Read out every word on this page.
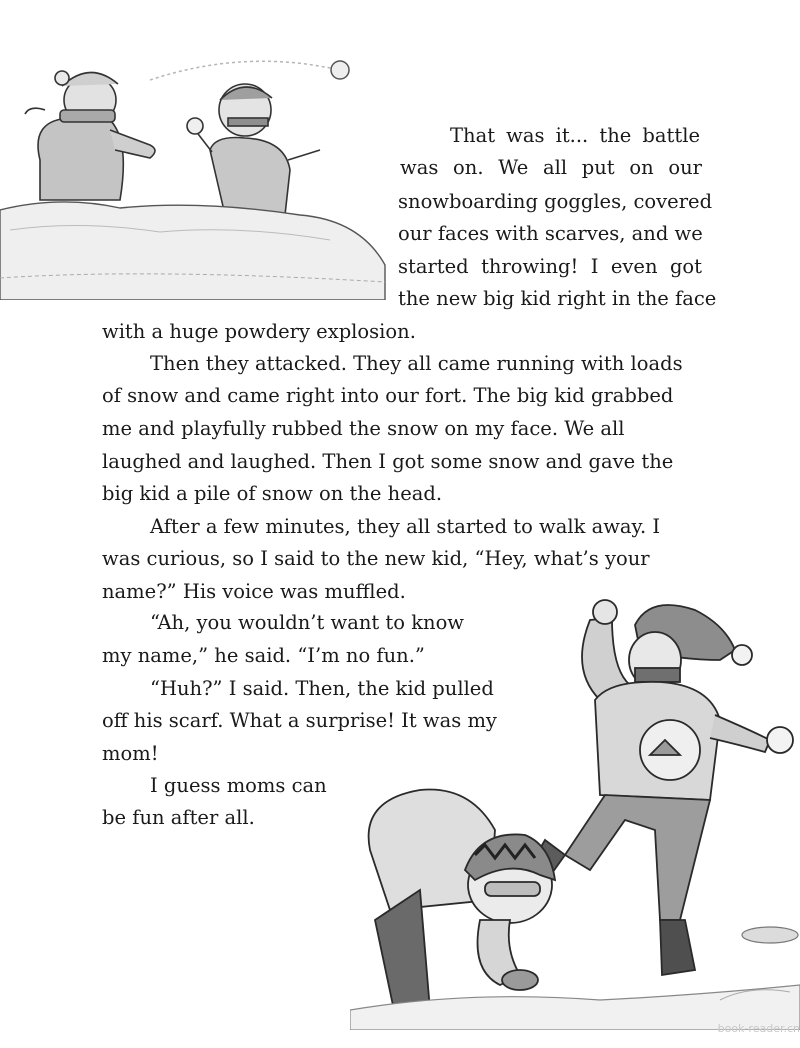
That was it... the battle
was on. We all put on our
snowboarding goggles, covered
our faces with scarves, and we
started throwing! I even got
the new big kid right in the face
with a huge powdery explosion.
Then they attacked. They all came running with loads
of snow and came right into our fort. The big kid grabbed
me and playfully rubbed the snow on my face. We all
laughed and laughed. Then I got some snow and gave the
big kid a pile of snow on the head.
After a few minutes, they all started to walk away. I
was curious, so I said to the new kid, “Hey, what’s your
name?” His voice was muffled.
“Ah, you wouldn’t want to know
my name,” he said. “I’m no fun.”
“Huh?” I said. Then, the kid pulled
off his scarf. What a surprise! It was my
mom!
I guess moms can
be fun after all.
book-reader.cn
